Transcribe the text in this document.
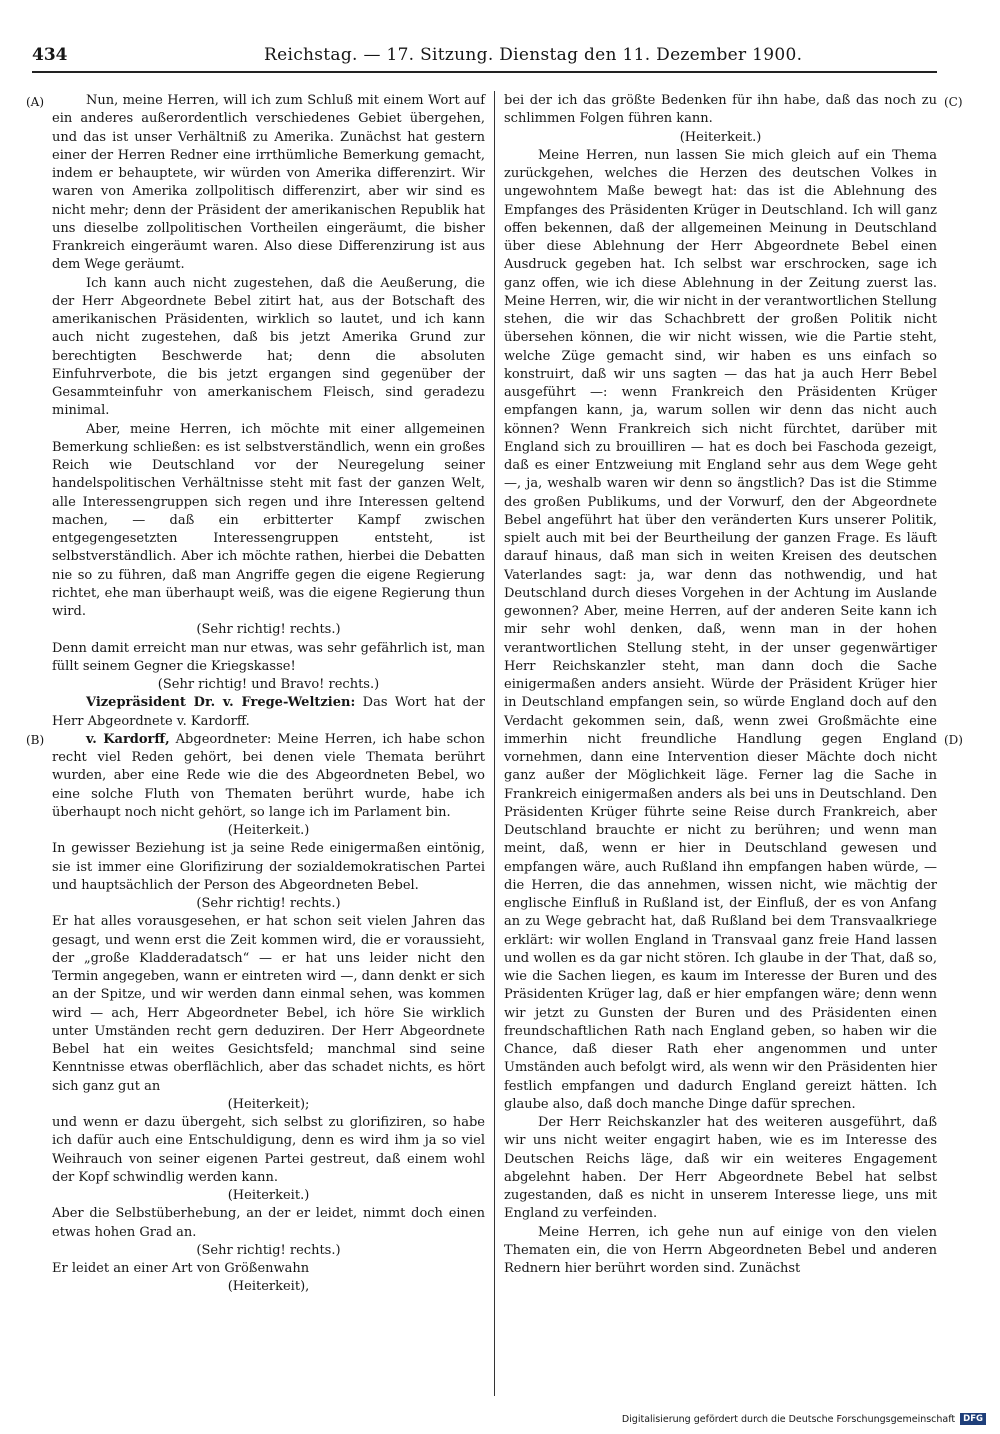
434	Reichstag. — 17. Sitzung. Dienstag den 11. Dezember 1900.
(A)
(B)
(C)
(D)

Nun, meine Herren, will ich zum Schluß mit einem Wort auf ein anderes außerordentlich verschiedenes Gebiet übergehen, und das ist unser Verhältniß zu Amerika. Zunächst hat gestern einer der Herren Redner eine irrthümliche Bemerkung gemacht, indem er behauptete, wir würden von Amerika differenzirt. Wir waren von Amerika zollpolitisch differenzirt, aber wir sind es nicht mehr; denn der Präsident der amerikanischen Republik hat uns dieselbe zollpolitischen Vortheilen eingeräumt, die bisher Frankreich eingeräumt waren. Also diese Differenzirung ist aus dem Wege geräumt.

Ich kann auch nicht zugestehen, daß die Aeußerung, die der Herr Abgeordnete Bebel zitirt hat, aus der Botschaft des amerikanischen Präsidenten, wirklich so lautet, und ich kann auch nicht zugestehen, daß bis jetzt Amerika Grund zur berechtigten Beschwerde hat; denn die absoluten Einfuhrverbote, die bis jetzt ergangen sind gegenüber der Gesammteinfuhr von amerkanischem Fleisch, sind geradezu minimal.

Aber, meine Herren, ich möchte mit einer allgemeinen Bemerkung schließen: es ist selbstverständlich, wenn ein großes Reich wie Deutschland vor der Neuregelung seiner handelspolitischen Verhältnisse steht mit fast der ganzen Welt, alle Interessengruppen sich regen und ihre Interessen geltend machen, — daß ein erbitterter Kampf zwischen entgegengesetzten Interessengruppen entsteht, ist selbstverständlich. Aber ich möchte rathen, hierbei die Debatten nie so zu führen, daß man Angriffe gegen die eigene Regierung richtet, ehe man überhaupt weiß, was die eigene Regierung thun wird.

(Sehr richtig! rechts.)

Denn damit erreicht man nur etwas, was sehr gefährlich ist, man füllt seinem Gegner die Kriegskasse!

(Sehr richtig! und Bravo! rechts.)

Vizepräsident Dr. v. Frege-Weltzien: Das Wort hat der Herr Abgeordnete v. Kardorff.

v. Kardorff, Abgeordneter: Meine Herren, ich habe schon recht viel Reden gehört, bei denen viele Themata berührt wurden, aber eine Rede wie die des Abgeordneten Bebel, wo eine solche Fluth von Thematen berührt wurde, habe ich überhaupt noch nicht gehört, so lange ich im Parlament bin.

(Heiterkeit.)

In gewisser Beziehung ist ja seine Rede einigermaßen eintönig, sie ist immer eine Glorifizirung der sozialdemokratischen Partei und hauptsächlich der Person des Abgeordneten Bebel.

(Sehr richtig! rechts.)

Er hat alles vorausgesehen, er hat schon seit vielen Jahren das gesagt, und wenn erst die Zeit kommen wird, die er voraussieht, der „große Kladderadatsch“ — er hat uns leider nicht den Termin angegeben, wann er eintreten wird —, dann denkt er sich an der Spitze, und wir werden dann einmal sehen, was kommen wird — ach, Herr Abgeordneter Bebel, ich höre Sie wirklich unter Umständen recht gern deduziren. Der Herr Abgeordnete Bebel hat ein weites Gesichtsfeld; manchmal sind seine Kenntnisse etwas oberflächlich, aber das schadet nichts, es hört sich ganz gut an

(Heiterkeit);

und wenn er dazu übergeht, sich selbst zu glorifiziren, so habe ich dafür auch eine Entschuldigung, denn es wird ihm ja so viel Weihrauch von seiner eigenen Partei gestreut, daß einem wohl der Kopf schwindlig werden kann.

(Heiterkeit.)

Aber die Selbstüberhebung, an der er leidet, nimmt doch einen etwas hohen Grad an.

(Sehr richtig! rechts.)

Er leidet an einer Art von Größenwahn

(Heiterkeit),

bei der ich das größte Bedenken für ihn habe, daß das noch zu schlimmen Folgen führen kann.

(Heiterkeit.)

Meine Herren, nun lassen Sie mich gleich auf ein Thema zurückgehen, welches die Herzen des deutschen Volkes in ungewohntem Maße bewegt hat: das ist die Ablehnung des Empfanges des Präsidenten Krüger in Deutschland. Ich will ganz offen bekennen, daß der allgemeinen Meinung in Deutschland über diese Ablehnung der Herr Abgeordnete Bebel einen Ausdruck gegeben hat. Ich selbst war erschrocken, sage ich ganz offen, wie ich diese Ablehnung in der Zeitung zuerst las. Meine Herren, wir, die wir nicht in der verantwortlichen Stellung stehen, die wir das Schachbrett der großen Politik nicht übersehen können, die wir nicht wissen, wie die Partie steht, welche Züge gemacht sind, wir haben es uns einfach so konstruirt, daß wir uns sagten — das hat ja auch Herr Bebel ausgeführt —: wenn Frankreich den Präsidenten Krüger empfangen kann, ja, warum sollen wir denn das nicht auch können? Wenn Frankreich sich nicht fürchtet, darüber mit England sich zu brouilliren — hat es doch bei Faschoda gezeigt, daß es einer Entzweiung mit England sehr aus dem Wege geht —, ja, weshalb waren wir denn so ängstlich? Das ist die Stimme des großen Publikums, und der Vorwurf, den der Abgeordnete Bebel angeführt hat über den veränderten Kurs unserer Politik, spielt auch mit bei der Beurtheilung der ganzen Frage. Es läuft darauf hinaus, daß man sich in weiten Kreisen des deutschen Vaterlandes sagt: ja, war denn das nothwendig, und hat Deutschland durch dieses Vorgehen in der Achtung im Auslande gewonnen? Aber, meine Herren, auf der anderen Seite kann ich mir sehr wohl denken, daß, wenn man in der hohen verantwortlichen Stellung steht, in der unser gegenwärtiger Herr Reichskanzler steht, man dann doch die Sache einigermaßen anders ansieht. Würde der Präsident Krüger hier in Deutschland empfangen sein, so würde England doch auf den Verdacht gekommen sein, daß, wenn zwei Großmächte eine immerhin nicht freundliche Handlung gegen England vornehmen, dann eine Intervention dieser Mächte doch nicht ganz außer der Möglichkeit läge. Ferner lag die Sache in Frankreich einigermaßen anders als bei uns in Deutschland. Den Präsidenten Krüger führte seine Reise durch Frankreich, aber Deutschland brauchte er nicht zu berühren; und wenn man meint, daß, wenn er hier in Deutschland gewesen und empfangen wäre, auch Rußland ihn empfangen haben würde, — die Herren, die das annehmen, wissen nicht, wie mächtig der englische Einfluß in Rußland ist, der Einfluß, der es von Anfang an zu Wege gebracht hat, daß Rußland bei dem Transvaalkriege erklärt: wir wollen England in Transvaal ganz freie Hand lassen und wollen es da gar nicht stören. Ich glaube in der That, daß so, wie die Sachen liegen, es kaum im Interesse der Buren und des Präsidenten Krüger lag, daß er hier empfangen wäre; denn wenn wir jetzt zu Gunsten der Buren und des Präsidenten einen freundschaftlichen Rath nach England geben, so haben wir die Chance, daß dieser Rath eher angenommen und unter Umständen auch befolgt wird, als wenn wir den Präsidenten hier festlich empfangen und dadurch England gereizt hätten. Ich glaube also, daß doch manche Dinge dafür sprechen.

Der Herr Reichskanzler hat des weiteren ausgeführt, daß wir uns nicht weiter engagirt haben, wie es im Interesse des Deutschen Reichs läge, daß wir ein weiteres Engagement abgelehnt haben. Der Herr Abgeordnete Bebel hat selbst zugestanden, daß es nicht in unserem Interesse liege, uns mit England zu verfeinden.

Meine Herren, ich gehe nun auf einige von den vielen Thematen ein, die von Herrn Abgeordneten Bebel und anderen Rednern hier berührt worden sind. Zunächst

Digitalisierung gefördert durch die Deutsche Forschungsgemeinschaft DFG
